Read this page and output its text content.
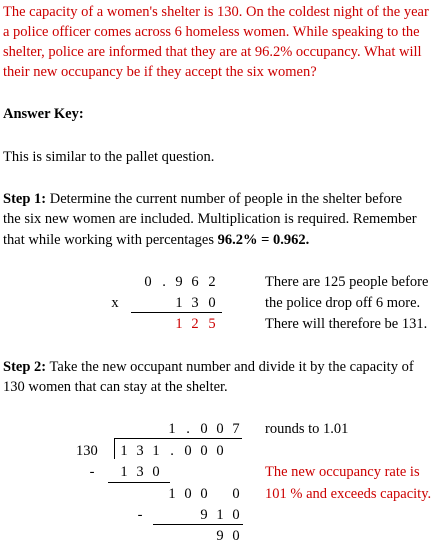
The capacity of a women's shelter is 130. On the coldest night of the year
a police officer comes across 6 homeless women. While speaking to the
shelter, police are informed that they are at 96.2% occupancy. What will
their new occupancy be if they accept the six women?
Answer Key:
This is similar to the pallet question.
Step 1: Determine the current number of people in the shelter before
the six new women are included. Multiplication is required. Remember
that while working with percentages 96.2% = 0.962.
0 . 9 6 2
x	1 3 0
1 2 5
There are 125 people before
the police drop off 6 more.
There will therefore be 131.
Step 2: Take the new occupant number and divide it by the capacity of
130 women that can stay at the shelter.
1 . 0 0 7
130 1 3 1 . 0 0 0
-	1 3 0
1 0 0 0
-	9 1 0
9 0
rounds to 1.01
The new occupancy rate is
101 % and exceeds capacity.
